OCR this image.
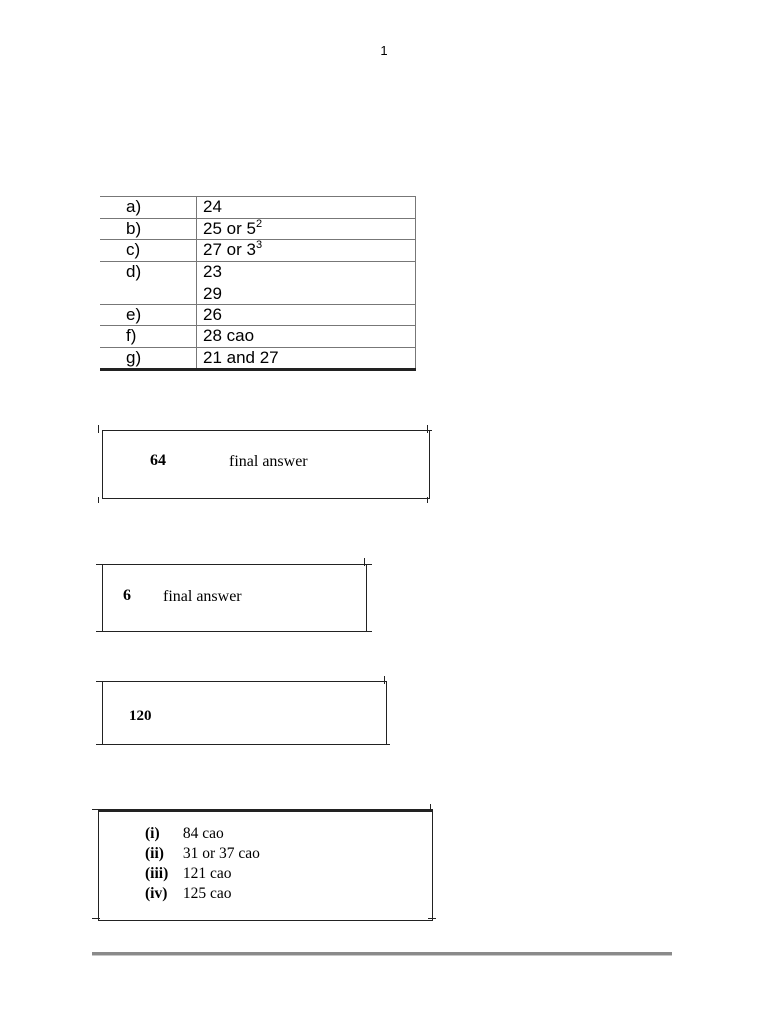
1
a)	24
b)	25 or $5^2$
c)	27 or $3^3$
d)	23
29

e)	26
f)	28 cao
g)	21 and 27
64	final answer
6 final answer
120
(i) 84 cao
(ii) 31 or 37 cao
(iii) 121 cao
(iv) 125 cao
